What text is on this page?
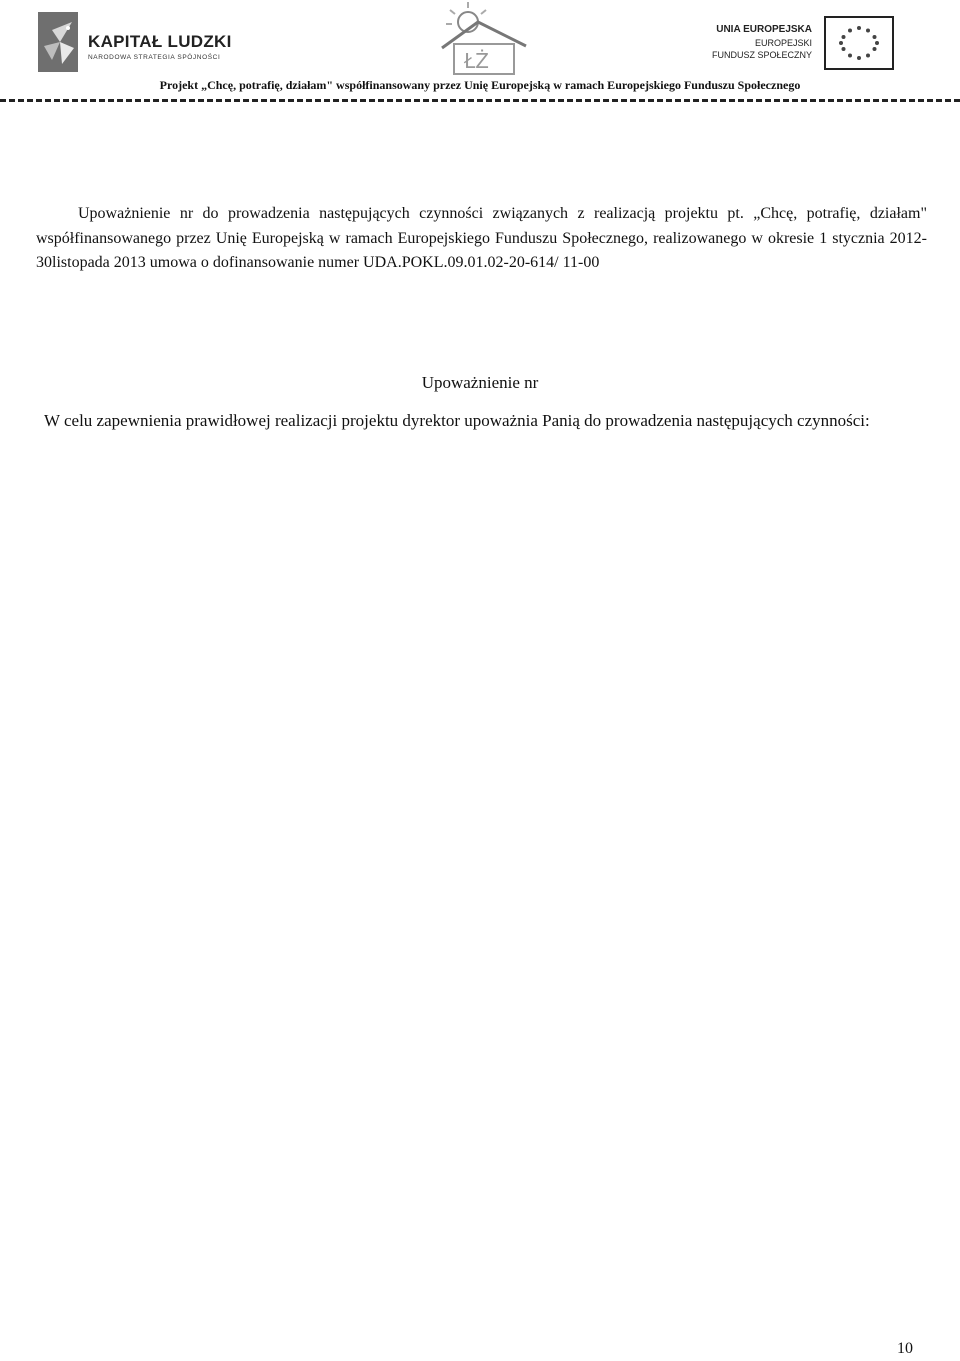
KAPITAŁ LUDZKI
NARODOWA STRATEGIA SPÓJNOŚCI	ŁŻ
UNIA EUROPEJSKA
EUROPEJSKI
FUNDUSZ SPOŁECZNY
Projekt „Chcę, potrafię, działam" współfinansowany przez Unię Europejską w ramach Europejskiego Funduszu Społecznego
Upoważnienie nr do prowadzenia następujących czynności związanych z realizacją projektu pt. „Chcę, potrafię, działam" współfinansowanego przez Unię Europejską w ramach Europejskiego Funduszu Społecznego, realizowanego w okresie 1 stycznia 2012-30listopada 2013 umowa o dofinansowanie numer UDA.POKL.09.01.02-20-614/ 11-00
Upoważnienie nr
W celu zapewnienia prawidłowej realizacji projektu dyrektor upoważnia Panią do prowadzenia następujących czynności:
10
